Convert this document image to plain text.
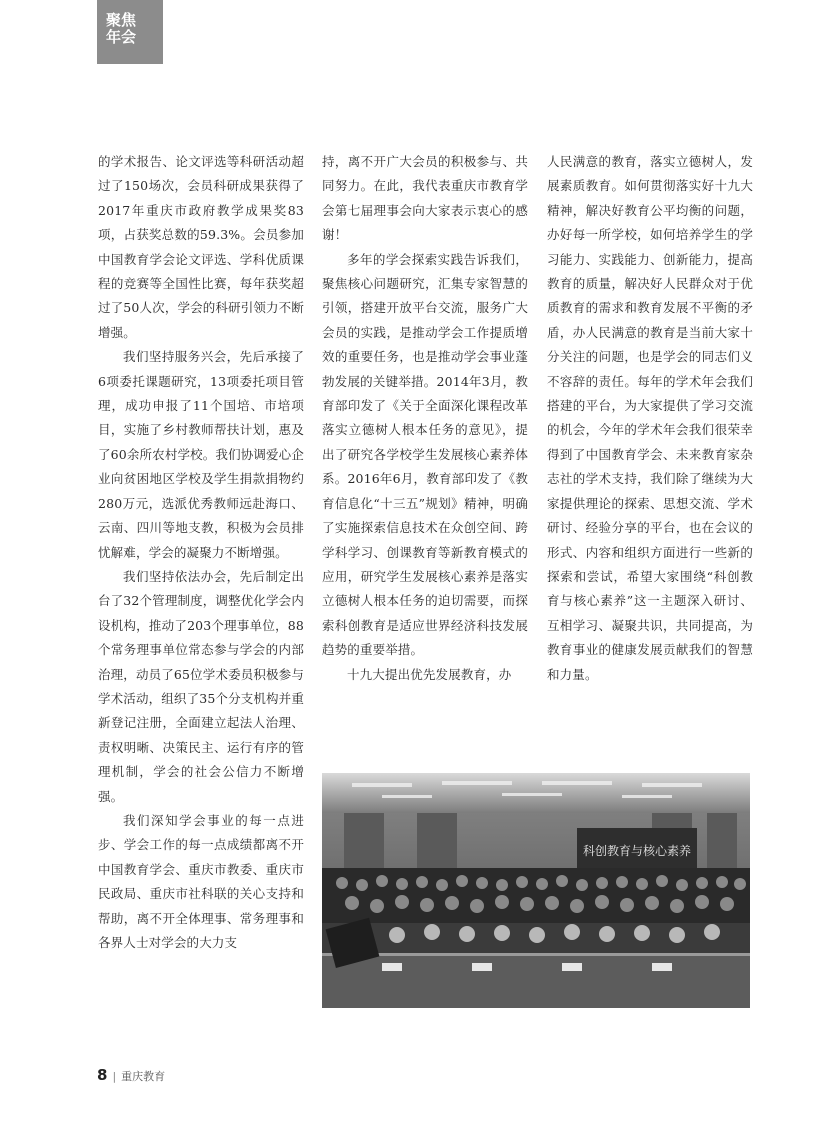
聚焦
年会

的学术报告、论文评选等科研活动超过了150场次，会员科研成果获得了2017年重庆市政府教学成果奖83项，占获奖总数的59.3%。会员参加中国教育学会论文评选、学科优质课程的竞赛等全国性比赛，每年获奖超过了50人次，学会的科研引领力不断增强。

我们坚持服务兴会，先后承接了6项委托课题研究，13项委托项目管理，成功申报了11个国培、市培项目，实施了乡村教师帮扶计划，惠及了60余所农村学校。我们协调爱心企业向贫困地区学校及学生捐款捐物约280万元，选派优秀教师远赴海口、云南、四川等地支教，积极为会员排忧解难，学会的凝聚力不断增强。

我们坚持依法办会，先后制定出台了32个管理制度，调整优化学会内设机构，推动了203个理事单位，88个常务理事单位常态参与学会的内部治理，动员了65位学术委员积极参与学术活动，组织了35个分支机构并重新登记注册，全面建立起法人治理、责权明晰、决策民主、运行有序的管理机制，学会的社会公信力不断增强。

我们深知学会事业的每一点进步、学会工作的每一点成绩都离不开中国教育学会、重庆市教委、重庆市民政局、重庆市社科联的关心支持和帮助，离不开全体理事、常务理事和各界人士对学会的大力支

持，离不开广大会员的积极参与、共同努力。在此，我代表重庆市教育学会第七届理事会向大家表示衷心的感谢！

多年的学会探索实践告诉我们，聚焦核心问题研究，汇集专家智慧的引领，搭建开放平台交流，服务广大会员的实践，是推动学会工作提质增效的重要任务，也是推动学会事业蓬勃发展的关键举措。2014年3月，教育部印发了《关于全面深化课程改革 落实立德树人根本任务的意见》，提出了研究各学校学生发展核心素养体系。2016年6月，教育部印发了《教育信息化“十三五”规划》精神，明确了实施探索信息技术在众创空间、跨学科学习、创课教育等新教育模式的应用，研究学生发展核心素养是落实立德树人根本任务的迫切需要，而探索科创教育是适应世界经济科技发展趋势的重要举措。

十九大提出优先发展教育，办

人民满意的教育，落实立德树人，发展素质教育。如何贯彻落实好十九大精神，解决好教育公平均衡的问题，办好每一所学校，如何培养学生的学习能力、实践能力、创新能力，提高教育的质量，解决好人民群众对于优质教育的需求和教育发展不平衡的矛盾，办人民满意的教育是当前大家十分关注的问题，也是学会的同志们义不容辞的责任。每年的学术年会我们搭建的平台，为大家提供了学习交流的机会，今年的学术年会我们很荣幸得到了中国教育学会、未来教育家杂志社的学术支持，我们除了继续为大家提供理论的探索、思想交流、学术研讨、经验分享的平台，也在会议的形式、内容和组织方面进行一些新的探索和尝试，希望大家围绕“科创教育与核心素养”这一主题深入研讨、互相学习、凝聚共识，共同提高，为教育事业的健康发展贡献我们的智慧和力量。

科创教育与核心素养
8 | 重庆教育
